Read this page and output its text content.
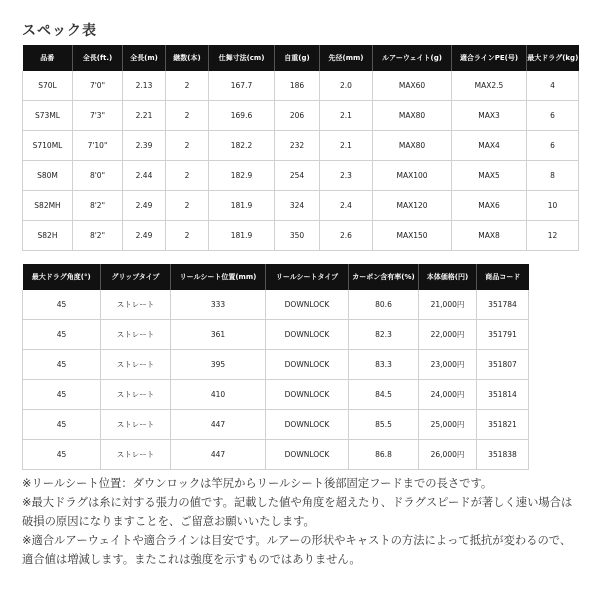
スペック表
品番	全長(ft.)	全長(m)	継数(本)	仕舞寸法(cm)	自重(g)	先径(mm)	ルアーウェイト(g)	適合ラインPE(号)	最大ドラグ(kg)
S70L	7'0"	2.13	2	167.7	186	2.0	MAX60	MAX2.5	4
S73ML	7'3"	2.21	2	169.6	206	2.1	MAX80	MAX3	6
S710ML	7'10"	2.39	2	182.2	232	2.1	MAX80	MAX4	6
S80M	8'0"	2.44	2	182.9	254	2.3	MAX100	MAX5	8
S82MH	8'2"	2.49	2	181.9	324	2.4	MAX120	MAX6	10
S82H	8'2"	2.49	2	181.9	350	2.6	MAX150	MAX8	12
最大ドラグ角度(°)	グリップタイプ	リールシート位置(mm)	リールシートタイプ	カーボン含有率(%)	本体価格(円)	商品コード
45	ストレート	333	DOWNLOCK	80.6	21,000円	351784
45	ストレート	361	DOWNLOCK	82.3	22,000円	351791
45	ストレート	395	DOWNLOCK	83.3	23,000円	351807
45	ストレート	410	DOWNLOCK	84.5	24,000円	351814
45	ストレート	447	DOWNLOCK	85.5	25,000円	351821
45	ストレート	447	DOWNLOCK	86.8	26,000円	351838

※リールシート位置：ダウンロックは竿尻からリールシート後部固定フードまでの長さです。

※最大ドラグは糸に対する張力の値です。記載した値や角度を超えたり、ドラグスピードが著しく速い場合は破損の原因になりますことを、ご留意お願いいたします。

※適合ルアーウェイトや適合ラインは目安です。ルアーの形状やキャストの方法によって抵抗が変わるので、適合値は増減します。またこれは強度を示すものではありません。
